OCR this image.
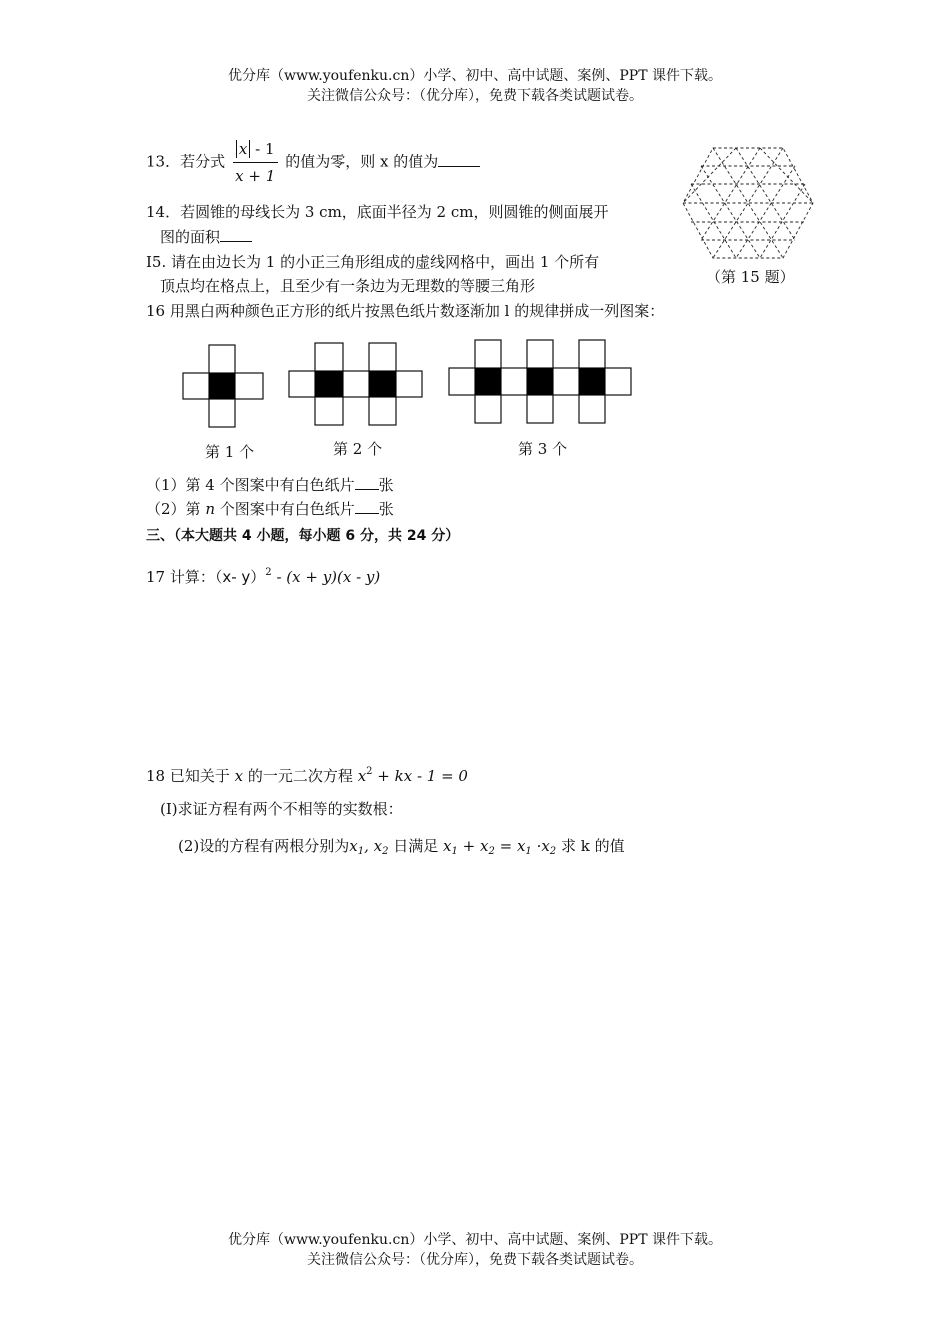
优分库（www.youfenku.cn）小学、初中、高中试题、案例、PPT 课件下载。
关注微信公众号：（优分库），免费下载各类试题试卷。
13．若分式 $\frac{x - 1}{x + 1}$ 的值为零，则 x 的值为
14．若圆锥的母线长为 3 cm，底面半径为 2 cm，则圆锥的侧面展开
图的面积
I5. 请在由边长为 1 的小正三角形组成的虚线网格中，画出 1 个所有
顶点均在格点上，且至少有一条边为无理数的等腰三角形	（第 15 题）
16 用黑白两种颜色正方形的纸片按黑色纸片数逐渐加 l 的规律拼成一列图案：
第 1 个	第 2 个	第 3 个
（1）第 4 个图案中有白色纸片 张
（2）第 n 个图案中有白色纸片 张
三、（本大题共 4 小题，每小题 6 分，共 24 分）
17 计算：（x- y）$^2$ - (x + y)(x - y)
18 已知关于 x 的一元二次方程 $x^2$ + kx - 1 = 0
(I)求证方程有两个不相等的实数根：
(2)设的方程有两根分别为$x_1$, $x_2$ 日满足 $x_1 + x_2 = x_1 \cdot x_2$ 求 k 的值
优分库（www.youfenku.cn）小学、初中、高中试题、案例、PPT 课件下载。
关注微信公众号：（优分库），免费下载各类试题试卷。
